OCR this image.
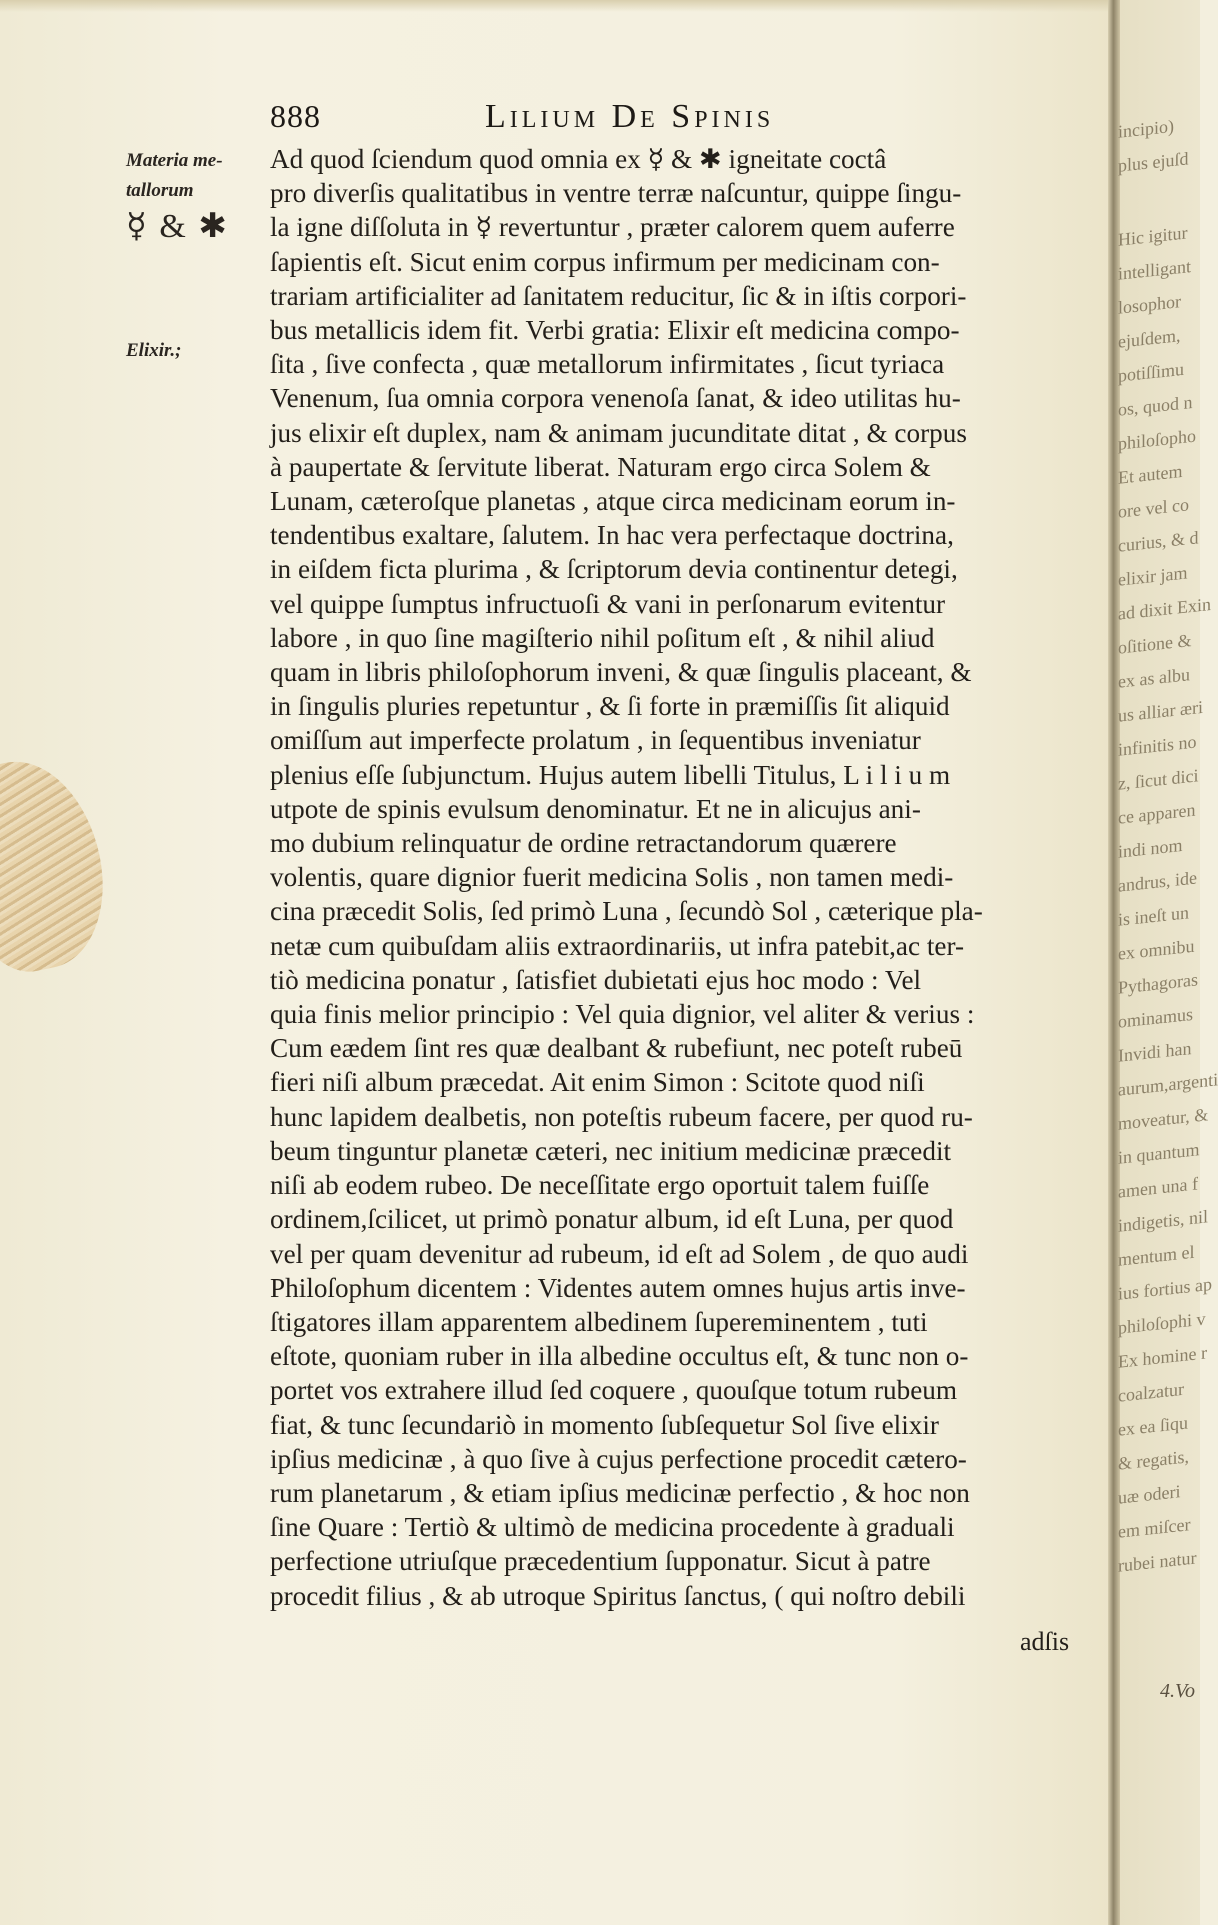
incipio)
plus ejuſd
Hic igitur
intelligant
losophor
ejuſdem,
potiſſimu
os, quod n
philoſopho
Et autem
ore vel co
curius, & d
elixir jam
ad dixit Exin
oſitione &
ex as albu
us alliar æri
infinitis no
z, ſicut dici
ce apparen
indi nom
andrus, ide
is ineſt un
ex omnibu
Pythagoras
ominamus
Invidi han
aurum,argenti
moveatur, &
in quantum
amen una f
indigetis, nil
mentum el
ius fortius ap
philoſophi v
Ex homine r
coalzatur
ex ea ſiqu
& regatis,
uæ oderi
em miſcer
rubei natur
4.Vo
888	Lilium De Spinis
Materia me-
tallorum
☿ & ✱
Elixir.;
Ad quod ſciendum quod omnia ex ☿ & ✱ igneitate coctâ
pro diverſis qualitatibus in ventre terræ naſcuntur, quippe ſingu-
la igne diſſoluta in ☿ revertuntur , præter calorem quem auferre
ſapientis eſt. Sicut enim corpus infirmum per medicinam con-
trariam artificialiter ad ſanitatem reducitur, ſic & in iſtis corpori-
bus metallicis idem fit. Verbi gratia: Elixir eſt medicina compo-
ſita , ſive confecta , quæ metallorum infirmitates , ſicut tyriaca
Venenum, ſua omnia corpora venenoſa ſanat, & ideo utilitas hu-
jus elixir eſt duplex, nam & animam jucunditate ditat , & corpus
à paupertate & ſervitute liberat. Naturam ergo circa Solem &
Lunam, cæteroſque planetas , atque circa medicinam eorum in-
tendentibus exaltare, ſalutem. In hac vera perfectaque doctrina,
in eiſdem ficta plurima , & ſcriptorum devia continentur detegi,
vel quippe ſumptus infructuoſi & vani in perſonarum evitentur
labore , in quo ſine magiſterio nihil poſitum eſt , & nihil aliud
quam in libris philoſophorum inveni, & quæ ſingulis placeant, &
in ſingulis pluries repetuntur , & ſi forte in præmiſſis ſit aliquid
omiſſum aut imperfecte prolatum , in ſequentibus inveniatur
plenius eſſe ſubjunctum. Hujus autem libelli Titulus, L i l i u m
utpote de spinis evulsum denominatur. Et ne in alicujus ani-
mo dubium relinquatur de ordine retractandorum quærere
volentis, quare dignior fuerit medicina Solis , non tamen medi-
cina præcedit Solis, ſed primò Luna , ſecundò Sol , cæterique pla-
netæ cum quibuſdam aliis extraordinariis, ut infra patebit,ac ter-
tiò medicina ponatur , ſatisfiet dubietati ejus hoc modo : Vel
quia finis melior principio : Vel quia dignior, vel aliter & verius :
Cum eædem ſint res quæ dealbant & rubefiunt, nec poteſt rubeū
fieri niſi album præcedat. Ait enim Simon : Scitote quod niſi
hunc lapidem dealbetis, non poteſtis rubeum facere, per quod ru-
beum tinguntur planetæ cæteri, nec initium medicinæ præcedit
niſi ab eodem rubeo. De neceſſitate ergo oportuit talem fuiſſe
ordinem,ſcilicet, ut primò ponatur album, id eſt Luna, per quod
vel per quam devenitur ad rubeum, id eſt ad Solem , de quo audi
Philoſophum dicentem : Videntes autem omnes hujus artis inve-
ſtigatores illam apparentem albedinem ſupereminentem , tuti
eſtote, quoniam ruber in illa albedine occultus eſt, & tunc non o-
portet vos extrahere illud ſed coquere , quouſque totum rubeum
fiat, & tunc ſecundariò in momento ſubſequetur Sol ſive elixir
ipſius medicinæ , à quo ſive à cujus perfectione procedit cætero-
rum planetarum , & etiam ipſius medicinæ perfectio , & hoc non
ſine Quare : Tertiò & ultimò de medicina procedente à graduali
perfectione utriuſque præcedentium ſupponatur. Sicut à patre
procedit filius , & ab utroque Spiritus ſanctus, ( qui noſtro debili
adſis
